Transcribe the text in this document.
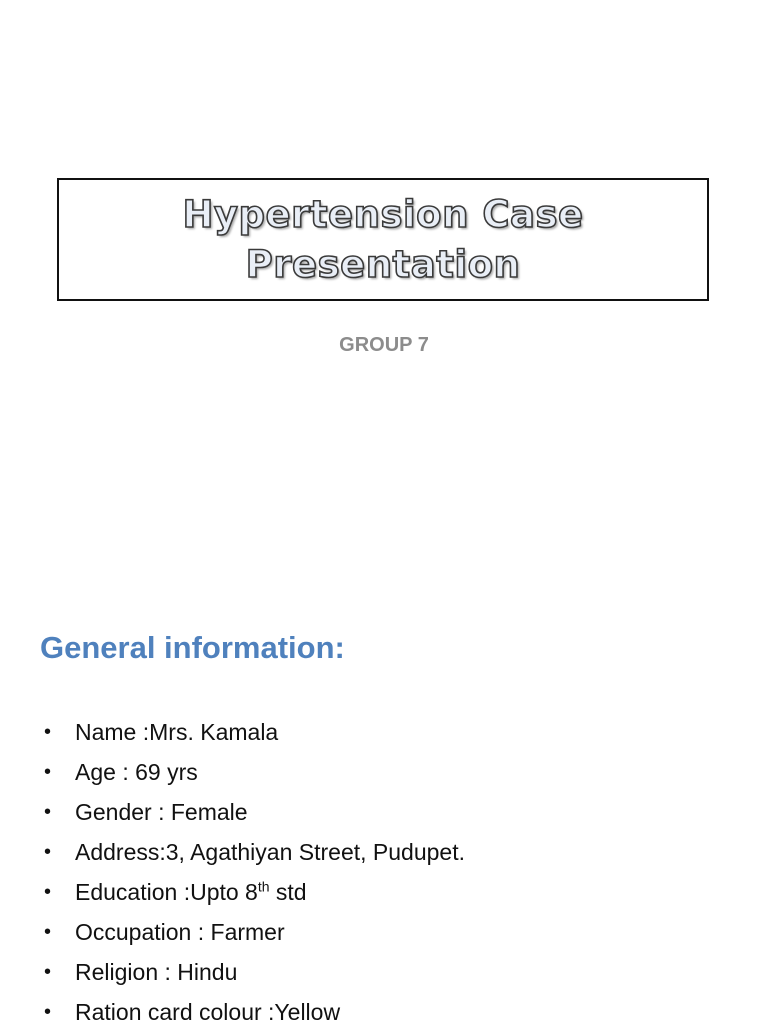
Hypertension Case
Presentation
GROUP 7
General information:
• Name :Mrs. Kamala
• Age : 69 yrs
• Gender : Female
• Address:3, Agathiyan Street, Pudupet.
• Education :Upto 8th std
• Occupation : Farmer
• Religion : Hindu
• Ration card colour :Yellow
